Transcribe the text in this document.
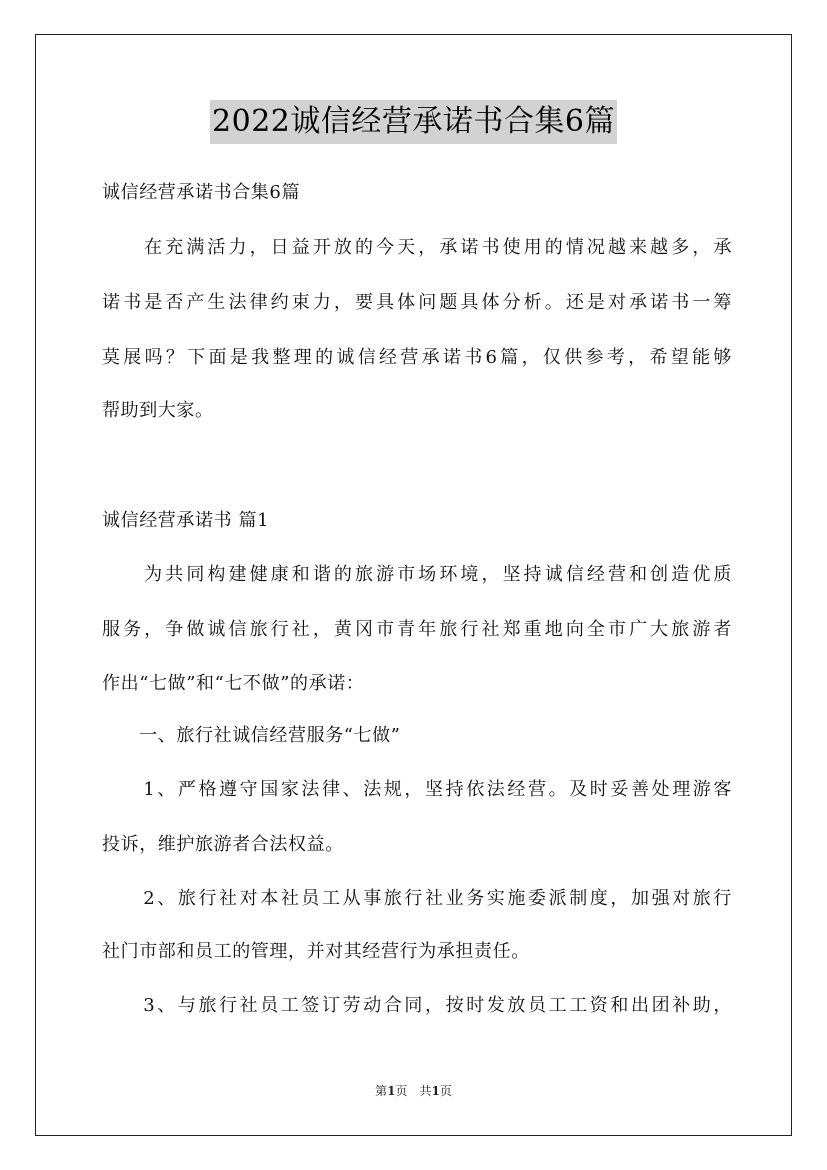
2022诚信经营承诺书合集6篇
诚信经营承诺书合集6篇
　　在充满活力，日益开放的今天，承诺书使用的情况越来越多，承
诺书是否产生法律约束力，要具体问题具体分析。还是对承诺书一筹
莫展吗？下面是我整理的诚信经营承诺书6篇，仅供参考，希望能够
帮助到大家。
诚信经营承诺书 篇1
　　为共同构建健康和谐的旅游市场环境，坚持诚信经营和创造优质
服务，争做诚信旅行社，黄冈市青年旅行社郑重地向全市广大旅游者
作出“七做”和“七不做”的承诺：
　　一、旅行社诚信经营服务“七做”
　　1、严格遵守国家法律、法规，坚持依法经营。及时妥善处理游客
投诉，维护旅游者合法权益。
　　2、旅行社对本社员工从事旅行社业务实施委派制度，加强对旅行
社门市部和员工的管理，并对其经营行为承担责任。
　　3、与旅行社员工签订劳动合同，按时发放员工工资和出团补助，
第1页　共1页
